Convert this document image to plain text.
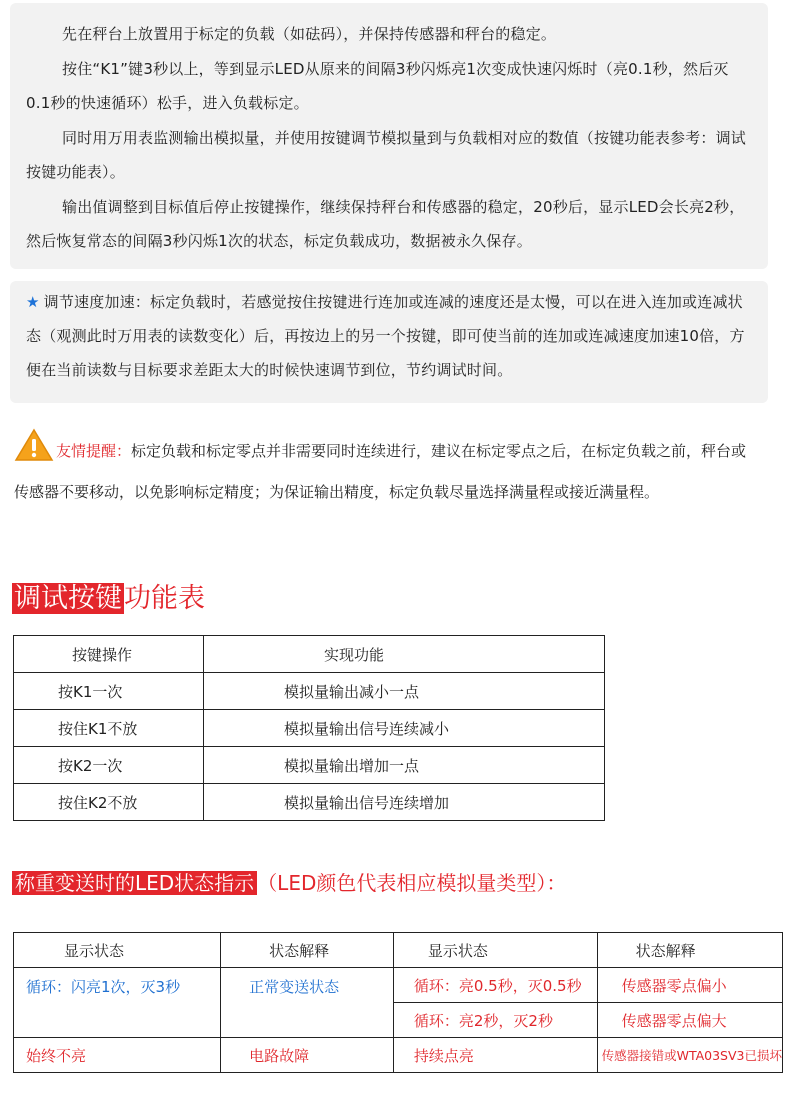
先在秤台上放置用于标定的负载（如砝码），并保持传感器和秤台的稳定。

按住“K1”键3秒以上，等到显示LED从原来的间隔3秒闪烁亮1次变成快速闪烁时（亮0.1秒，然后灭0.1秒的快速循环）松手，进入负载标定。

同时用万用表监测输出模拟量，并使用按键调节模拟量到与负载相对应的数值（按键功能表参考：调试按键功能表）。

输出值调整到目标值后停止按键操作，继续保持秤台和传感器的稳定，20秒后，显示LED会长亮2秒，然后恢复常态的间隔3秒闪烁1次的状态，标定负载成功，数据被永久保存。

★ 调节速度加速：标定负载时，若感觉按住按键进行连加或连减的速度还是太慢，可以在进入连加或连减状态（观测此时万用表的读数变化）后，再按边上的另一个按键，即可使当前的连加或连减速度加速10倍，方便在当前读数与目标要求差距太大的时候快速调节到位，节约调试时间。

友情提醒：标定负载和标定零点并非需要同时连续进行，建议在标定零点之后，在标定负载之前，秤台或传感器不要移动，以免影响标定精度；为保证输出精度，标定负载尽量选择满量程或接近满量程。
调试按键功能表
按键操作	实现功能
按K1一次	模拟量输出减小一点
按住K1不放	模拟量输出信号连续减小
按K2一次	模拟量输出增加一点
按住K2不放	模拟量输出信号连续增加
称重变送时的LED状态指示 （LED颜色代表相应模拟量类型）：
显示状态	状态解释	显示状态	状态解释
循环：闪亮1次，灭3秒	正常变送状态	循环：亮0.5秒，灭0.5秒	传感器零点偏小
		循环：亮2秒，灭2秒	传感器零点偏大
始终不亮	电路故障	持续点亮	传感器接错或WTA03SV3已损坏
